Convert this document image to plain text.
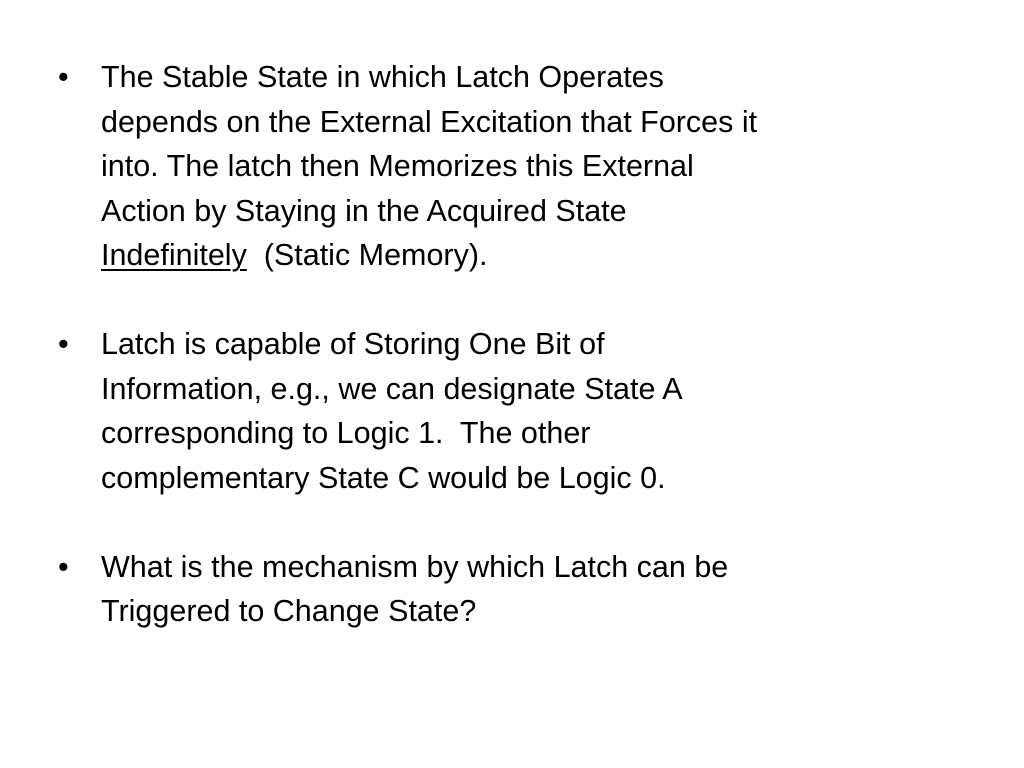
• The Stable State in which Latch Operates
depends on the External Excitation that Forces it
into. The latch then Memorizes this External
Action by Staying in the Acquired State
Indefinitely  (Static Memory).
• Latch is capable of Storing One Bit of
Information, e.g., we can designate State A
corresponding to Logic 1.  The other
complementary State C would be Logic 0.
• What is the mechanism by which Latch can be
Triggered to Change State?
